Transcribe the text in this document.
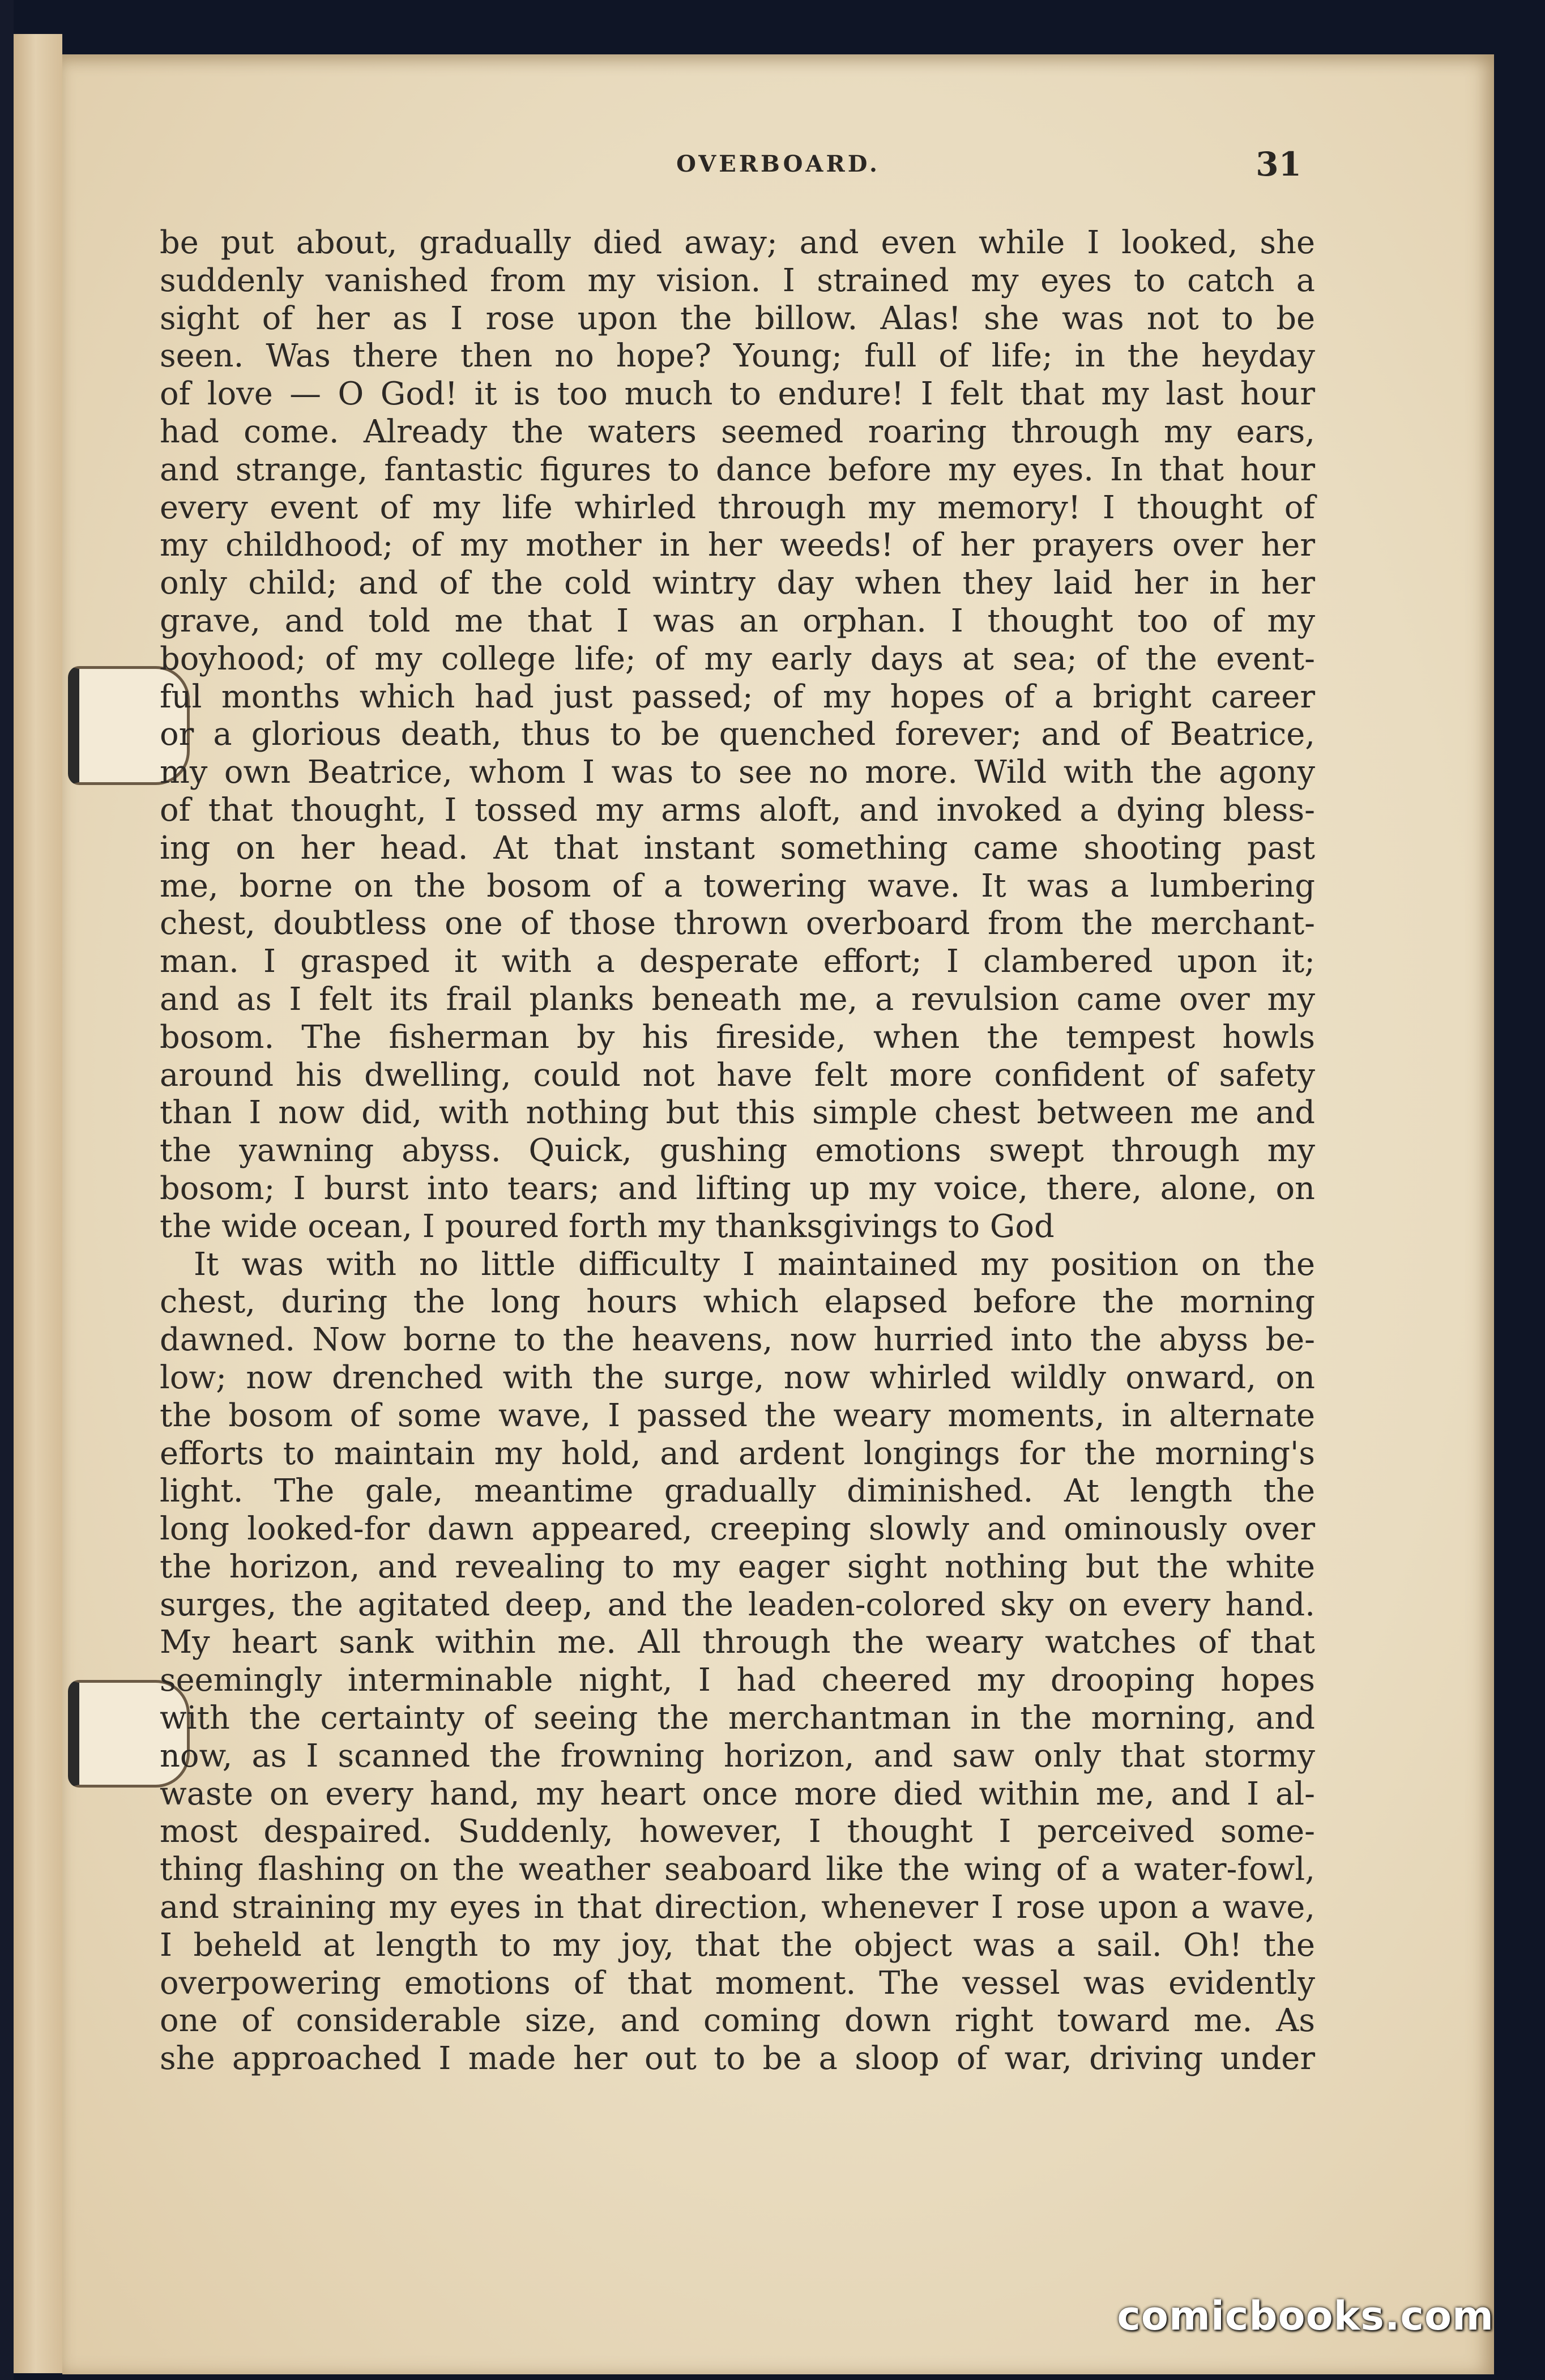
OVERBOARD.	31
be put about, gradually died away; and even while I looked, she
suddenly vanished from my vision. I strained my eyes to catch a
sight of her as I rose upon the billow. Alas! she was not to be
seen. Was there then no hope? Young; full of life; in the heyday
of love — O God! it is too much to endure! I felt that my last hour
had come. Already the waters seemed roaring through my ears,
and strange, fantastic figures to dance before my eyes. In that hour
every event of my life whirled through my memory! I thought of
my childhood; of my mother in her weeds! of her prayers over her
only child; and of the cold wintry day when they laid her in her
grave, and told me that I was an orphan. I thought too of my
boyhood; of my college life; of my early days at sea; of the event-
ful months which had just passed; of my hopes of a bright career
or a glorious death, thus to be quenched forever; and of Beatrice,
my own Beatrice, whom I was to see no more. Wild with the agony
of that thought, I tossed my arms aloft, and invoked a dying bless-
ing on her head. At that instant something came shooting past
me, borne on the bosom of a towering wave. It was a lumbering
chest, doubtless one of those thrown overboard from the merchant-
man. I grasped it with a desperate effort; I clambered upon it;
and as I felt its frail planks beneath me, a revulsion came over my
bosom. The fisherman by his fireside, when the tempest howls
around his dwelling, could not have felt more confident of safety
than I now did, with nothing but this simple chest between me and
the yawning abyss. Quick, gushing emotions swept through my
bosom; I burst into tears; and lifting up my voice, there, alone, on
the wide ocean, I poured forth my thanksgivings to God
It was with no little difficulty I maintained my position on the
chest, during the long hours which elapsed before the morning
dawned. Now borne to the heavens, now hurried into the abyss be-
low; now drenched with the surge, now whirled wildly onward, on
the bosom of some wave, I passed the weary moments, in alternate
efforts to maintain my hold, and ardent longings for the morning's
light. The gale, meantime gradually diminished. At length the
long looked-for dawn appeared, creeping slowly and ominously over
the horizon, and revealing to my eager sight nothing but the white
surges, the agitated deep, and the leaden-colored sky on every hand.
My heart sank within me. All through the weary watches of that
seemingly interminable night, I had cheered my drooping hopes
with the certainty of seeing the merchantman in the morning, and
now, as I scanned the frowning horizon, and saw only that stormy
waste on every hand, my heart once more died within me, and I al-
most despaired. Suddenly, however, I thought I perceived some-
thing flashing on the weather seaboard like the wing of a water-fowl,
and straining my eyes in that direction, whenever I rose upon a wave,
I beheld at length to my joy, that the object was a sail. Oh! the
overpowering emotions of that moment. The vessel was evidently
one of considerable size, and coming down right toward me. As
she approached I made her out to be a sloop of war, driving under
comicbooks.com
